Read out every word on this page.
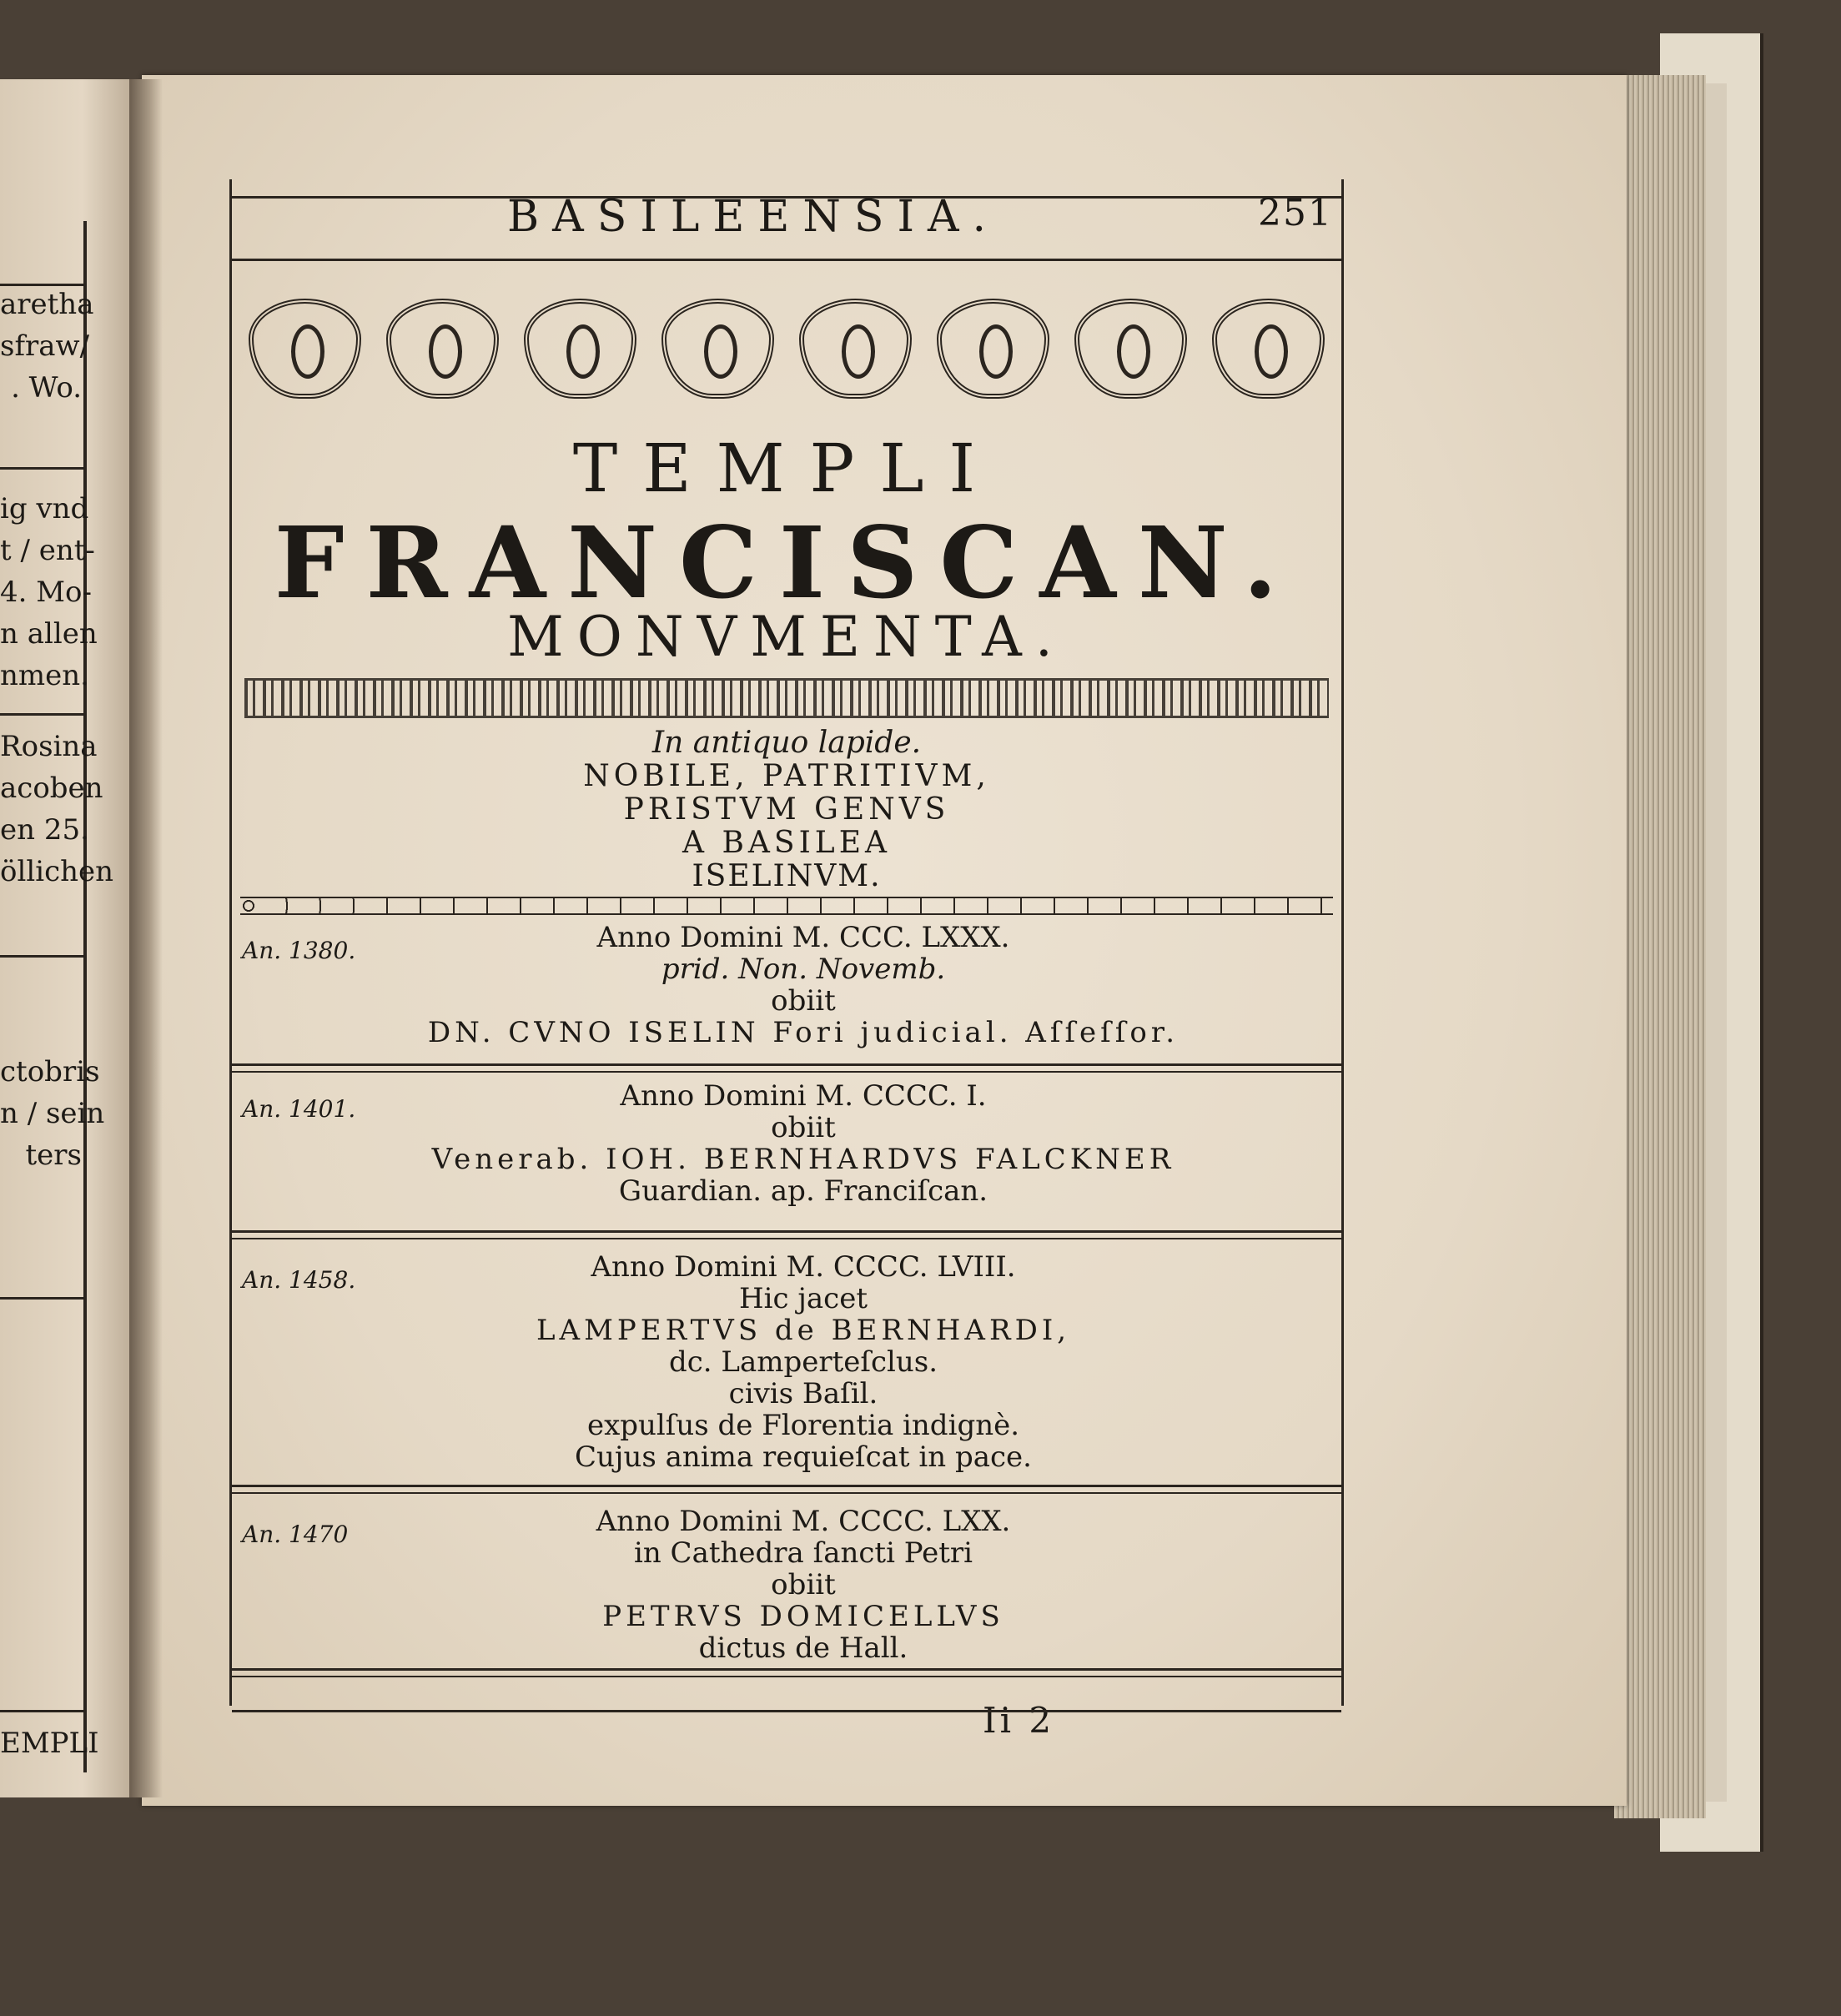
aretha
sfraw/
. Wo.
ig vnd
t / ent-
4. Mo-
n allen
nmen.
Rosina
acoben
en 25.
öllichen
ctobris
n / sein
ters
EMPLI
BASILEENSIA.	251
TEMPLI
FRANCISCAN.
MONVMENTA.
In antiquo lapide.
NOBILE, PATRITIVM,
PRISTVM GENVS
A BASILEA
ISELINVM.
An. 1380.	Anno Domini M. CCC. LXXX.
prid. Non. Novemb.
obiit
DN. CVNO ISELIN Fori judicial. Aſſeſſor.
An. 1401.	Anno Domini M. CCCC. I.
obiit
Venerab. IOH. BERNHARDVS FALCKNER
Guardian. ap. Franciſcan.
An. 1458.	Anno Domini M. CCCC. LVIII.
Hic jacet
LAMPERTVS de BERNHARDI,
dc. Lamperteſclus.
civis Baſil.
expulſus de Florentia indignè.
Cujus anima requieſcat in pace.
An. 1470	Anno Domini M. CCCC. LXX.
in Cathedra ſancti Petri
obiit
PETRVS DOMICELLVS
dictus de Hall.
Ii 2
